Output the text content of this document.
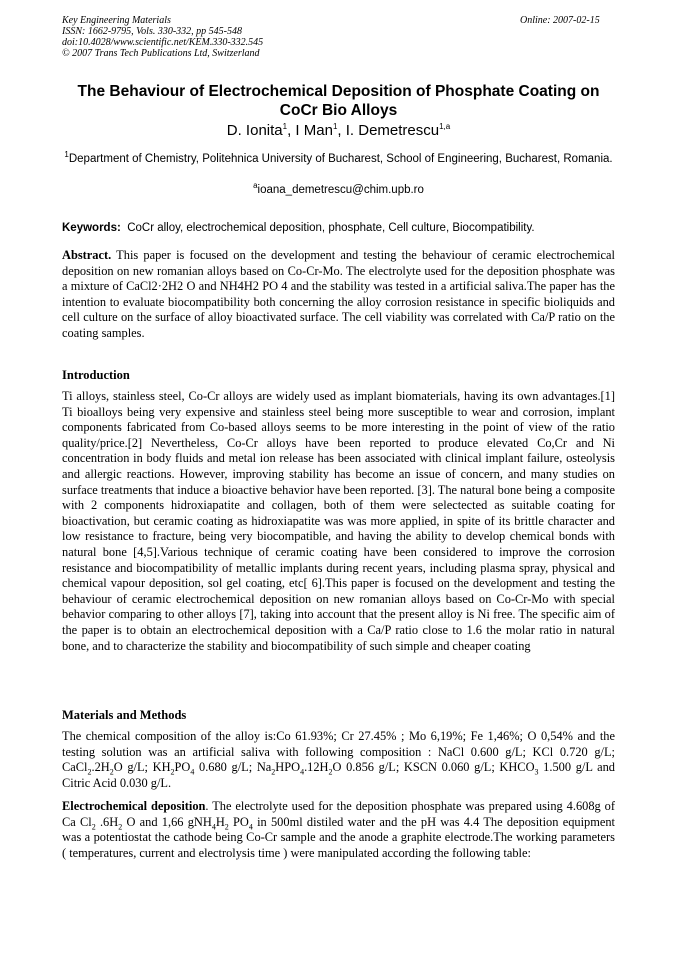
Key Engineering Materials
ISSN: 1662-9795, Vols. 330-332, pp 545-548
doi:10.4028/www.scientific.net/KEM.330-332.545
© 2007 Trans Tech Publications Ltd, Switzerland
Online: 2007-02-15
The Behaviour of Electrochemical Deposition of Phosphate Coating on CoCr Bio Alloys
D. Ionita$^1$, I Man$^1$, I. Demetrescu$^{1,a}$
$^1$Department of Chemistry, Politehnica University of Bucharest, School of Engineering, Bucharest, Romania.
$^a$ioana_demetrescu@chim.upb.ro
Keywords: CoCr alloy, electrochemical deposition, phosphate, Cell culture, Biocompatibility.
Abstract. This paper is focused on the development and testing the behaviour of ceramic electrochemical deposition on new romanian alloys based on Co-Cr-Mo. The electrolyte used for the deposition phosphate was a mixture of CaCl2·2H2 O and NH4H2 PO 4 and the stability was tested in a artificial saliva.The paper has the intention to evaluate biocompatibility both concerning the alloy corrosion resistance in specific bioliquids and cell culture on the surface of alloy bioactivated surface. The cell viability was correlated with Ca/P ratio on the coating samples.
Introduction
Ti alloys, stainless steel, Co-Cr alloys are widely used as implant biomaterials, having its own advantages.[1] Ti bioalloys being very expensive and stainless steel being more susceptible to wear and corrosion, implant components fabricated from Co-based alloys seems to be more interesting in the point of view of the ratio quality/price.[2] Nevertheless, Co-Cr alloys have been reported to produce elevated Co,Cr and Ni concentration in body fluids and metal ion release has been associated with clinical implant failure, osteolysis and allergic reactions. However, improving stability has become an issue of concern, and many studies on surface treatments that induce a bioactive behavior have been reported. [3]. The natural bone being a composite with 2 components hidroxiapatite and collagen, both of them were selectected as suitable coating for bioactivation, but ceramic coating as hidroxiapatite was was more applied, in spite of its brittle character and low resistance to fracture, being very biocompatible, and having the ability to develop chemical bonds with natural bone [4,5].Various technique of ceramic coating have been considered to improve the corrosion resistance and biocompatibility of metallic implants during recent years, including plasma spray, physical and chemical vapour deposition, sol gel coating, etc[ 6].This paper is focused on the development and testing the behaviour of ceramic electrochemical deposition on new romanian alloys based on Co-Cr-Mo with special behavior comparing to other alloys [7], taking into account that the present alloy is Ni free. The specific aim of the paper is to obtain an electrochemical deposition with a Ca/P ratio close to 1.6 the molar ratio in natural bone, and to characterize the stability and biocompatibility of such simple and cheaper coating
Materials and Methods
The chemical composition of the alloy is:Co 61.93%; Cr 27.45% ; Mo 6,19%; Fe 1,46%; O 0,54% and the testing solution was an artificial saliva with following composition : NaCl 0.600 g/L; KCl 0.720 g/L; $CaCl_2.2H_2O$ g/L; $KH_2PO_4$ 0.680 g/L; $Na_2HPO_4.12H_2O$ 0.856 g/L; KSCN 0.060 g/L; $KHCO_3$ 1.500 g/L and Citric Acid 0.030 g/L.
Electrochemical deposition. The electrolyte used for the deposition phosphate was prepared using 4.608g of Ca $Cl_2$ $.6H_2$ O and 1,66 $gNH_4H_2$ $PO_4$ in 500ml distiled water and the pH was 4.4 The deposition equipment was a potentiostat the cathode being Co-Cr sample and the anode a graphite electrode.The working parameters ( temperatures, current and electrolysis time ) were manipulated according the following table:
